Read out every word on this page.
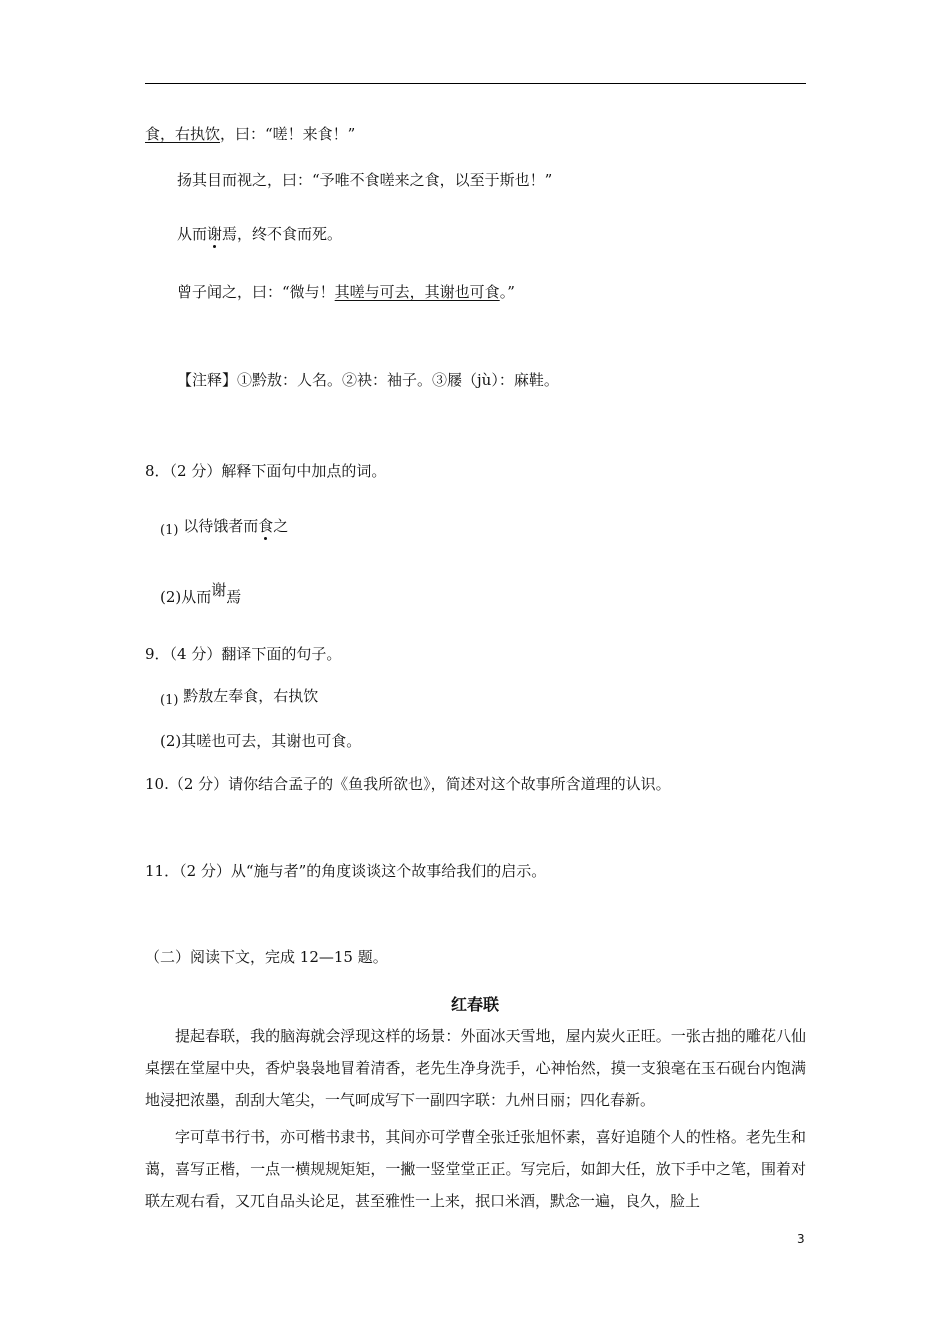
食，右执饮，曰：“嗟！来食！”
扬其目而视之，曰：“予唯不食嗟来之食，以至于斯也！”
从而谢焉，终不食而死。
曾子闻之，曰：“微与！其嗟与可去，其谢也可食。”
【注释】①黔敖：人名。②袂：袖子。③屦（jù）：麻鞋。
8．（2 分）解释下面句中加点的词。
(1) 以待饿者而食之
(2)从而谢焉
9．（4 分）翻译下面的句子。
(1) 黔敖左奉食，右执饮
(2)其嗟也可去，其谢也可食。
10.（2 分）请你结合孟子的《鱼我所欲也》，简述对这个故事所含道理的认识。
11．（2 分）从“施与者”的角度谈谈这个故事给我们的启示。
（二）阅读下文，完成 12—15 题。
红春联

提起春联，我的脑海就会浮现这样的场景：外面冰天雪地，屋内炭火正旺。一张古拙的雕花八仙桌摆在堂屋中央，香炉袅袅地冒着清香，老先生净身洗手，心神怡然，摸一支狼毫在玉石砚台内饱满地浸把浓墨，刮刮大笔尖，一气呵成写下一副四字联：九州日丽；四化春新。

字可草书行书，亦可楷书隶书，其间亦可学曹全张迁张旭怀素，喜好追随个人的性格。老先生和蔼，喜写正楷，一点一横规规矩矩，一撇一竖堂堂正正。写完后，如卸大任，放下手中之笔，围着对联左观右看，又兀自品头论足，甚至雅性一上来，抿口米酒，默念一遍，良久，脸上

3
